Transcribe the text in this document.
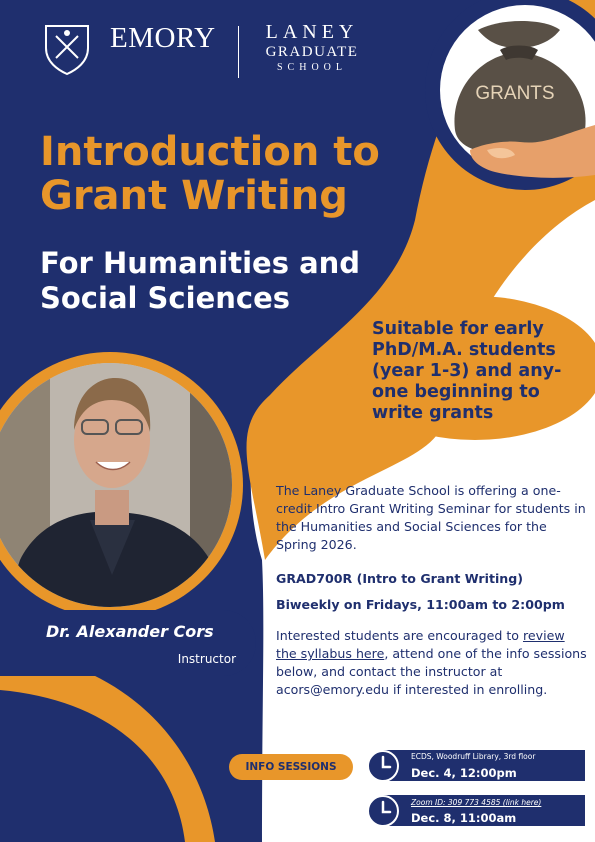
EMORY	LANEY
GRADUATE
SCHOOL
GRANTS
Introduction to Grant Writing
For Humanities and Social Sciences
Suitable for early PhD/M.A. students (year 1-3) and any-one beginning to write grants
Dr. Alexander Cors
Instructor
The Laney Graduate School is offering a one-credit Intro Grant Writing Seminar for students in the Humanities and Social Sciences for the Spring 2026.
GRAD700R (Intro to Grant Writing)
Biweekly on Fridays, 11:00am to 2:00pm
Interested students are encouraged to review the syllabus here, attend one of the info sessions below, and contact the instructor at acors@emory.edu if interested in enrolling.
INFO SESSIONS
ECDS, Woodruff Library, 3rd floor
Dec. 4, 12:00pm
Zoom ID: 309 773 4585 (link here)
Dec. 8, 11:00am
